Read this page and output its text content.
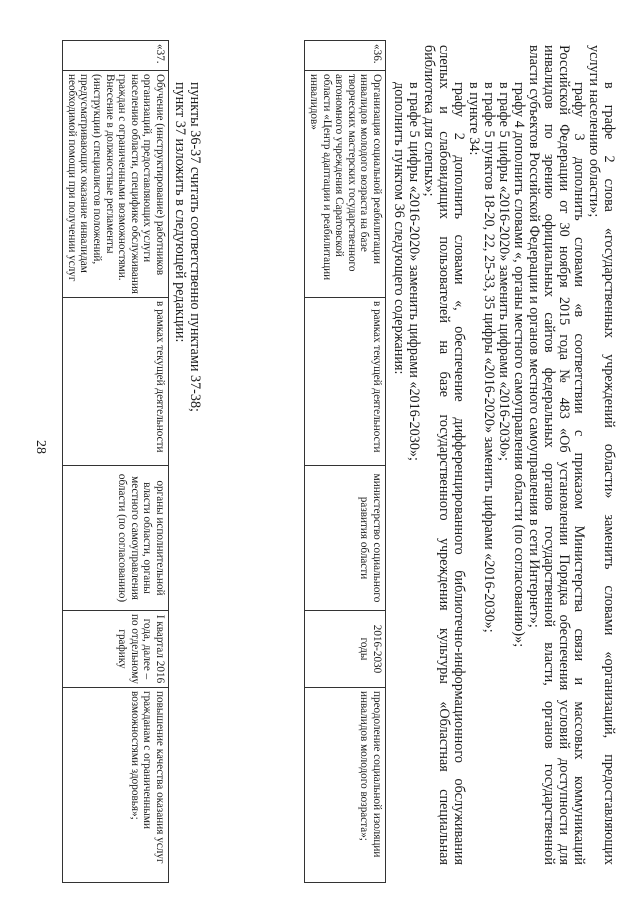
28	в графе 2 слова «государственных учреждений области» заменить словами «организаций, предоставляющих
услуги населению области»;
графу 3 дополнить словами «в соответствии с приказом Министерства связи и массовых коммуникаций
Российской Федерации от 30 ноября 2015 года № 483 «Об установлении Порядка обеспечения условий доступности для
инвалидов по зрению официальных сайтов федеральных органов государственной власти, органов государственной
власти субъектов Российской Федерации и органов местного самоуправления в сети Интернет»;
графу 4 дополнить словами «, органы местного самоуправления области (по согласованию)»;
в графе 5 цифры «2016-2020» заменить цифрами «2016-2030»;
в графе 5 пунктов 18-20, 22, 25-33, 35 цифры «2016-2020» заменить цифрами «2016-2030»;
в пункте 34:
графу 2 дополнить словами «, обеспечение дифференцированного библиотечно-информационного обслуживания
слепых и слабовидящих пользователей на базе государственного учреждения культуры «Областная специальная
библиотека для слепых»;
в графе 5 цифры «2016-2020» заменить цифрами «2016-2030»;
дополнить пунктом 36 следующего содержания:
«36.	Организация социальной реабилитации инвалидов молодого возраста на базе творческих мастерских государственного автономного учреждения Саратовской области «Центр адаптации и реабилитации инвалидов»	в рамках текущей деятельности	министерство социального развития области	2016-2030 годы	преодоление социальной изоляции инвалидов молодого возраста»;
пункты 36-37 считать соответственно пунктами 37-38;
пункт 37 изложить в следующей редакции:
«37.	Обучение (инструктирование) работников организаций, предоставляющих услуги населению области, специфике обслуживания граждан с ограниченными возможностями. Внесение в должностные регламенты (инструкции) специалистов положений, предусматривающих оказание инвалидам необходимой помощи при получении услуг	в рамках текущей деятельности	органы исполнительной власти области, органы местного самоуправления области (по согласованию)	I квартал 2016 года, далее – по отдельному графику	повышение качества оказания услуг гражданам с ограниченными возможностями здоровья»;
